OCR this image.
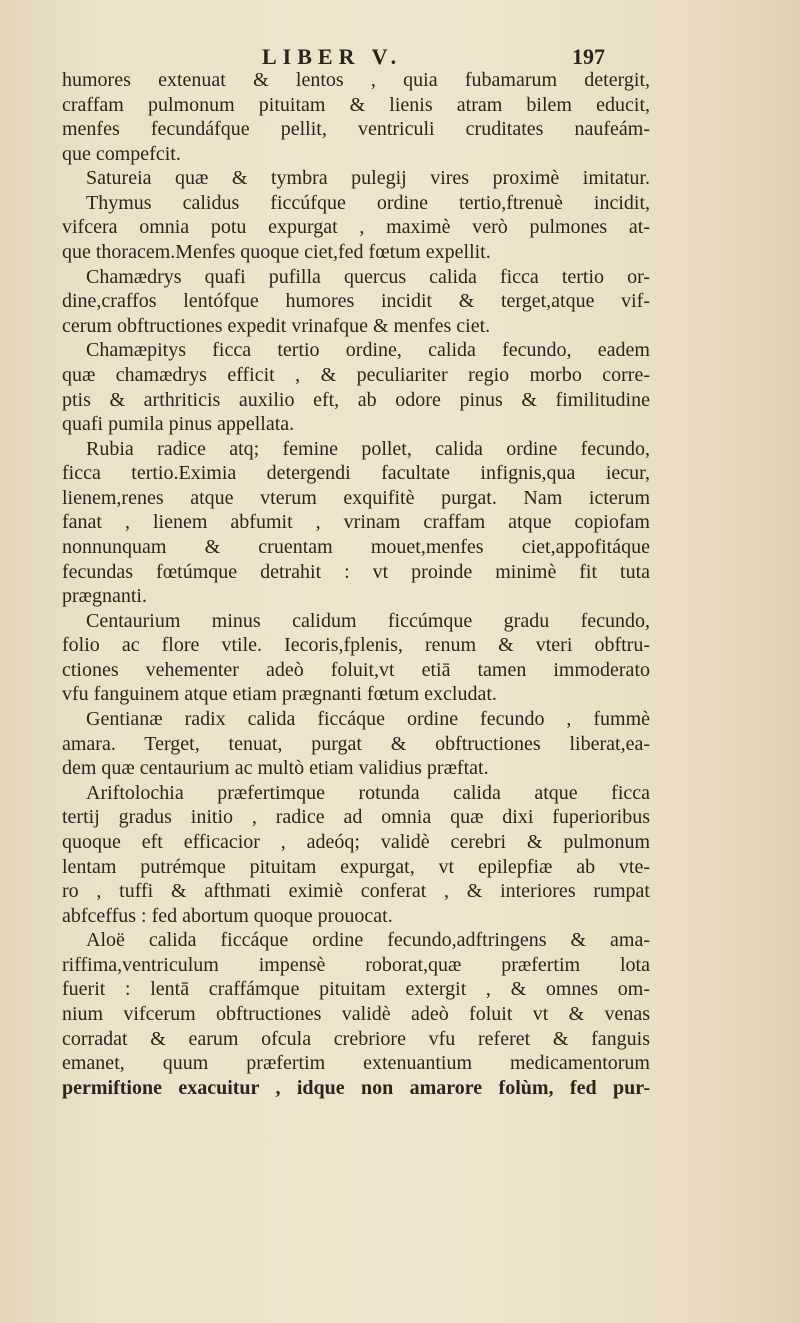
LIBER V.	197
humores extenuat & lentos , quia fubamarum detergit,
craffam pulmonum pituitam & lienis atram bilem educit,
menfes fecundáfque pellit, ventriculi cruditates naufeám-
que compefcit.
Satureia quæ & tymbra pulegij vires proximè imitatur.
Thymus calidus ficcúfque ordine tertio,ftrenuè incidit,
vifcera omnia potu expurgat , maximè verò pulmones at-
que thoracem.Menfes quoque ciet,fed fœtum expellit.
Chamædrys quafi pufilla quercus calida ficca tertio or-
dine,craffos lentófque humores incidit & terget,atque vif-
cerum obftructiones expedit vrinafque & menfes ciet.
Chamæpitys ficca tertio ordine, calida fecundo, eadem
quæ chamædrys efficit , & peculiariter regio morbo corre-
ptis & arthriticis auxilio eft, ab odore pinus & fimilitudine
quafi pumila pinus appellata.
Rubia radice atq; femine pollet, calida ordine fecundo,
ficca tertio.Eximia detergendi facultate infignis,qua iecur,
lienem,renes atque vterum exquifitè purgat. Nam icterum
fanat , lienem abfumit , vrinam craffam atque copiofam
nonnunquam & cruentam mouet,menfes ciet,appofitáque
fecundas fœtúmque detrahit : vt proinde minimè fit tuta
prægnanti.
Centaurium minus calidum ficcúmque gradu fecundo,
folio ac flore vtile. Iecoris,fplenis, renum & vteri obftru-
ctiones vehementer adeò foluit,vt etiā tamen immoderato
vfu fanguinem atque etiam prægnanti fœtum excludat.
Gentianæ radix calida ficcáque ordine fecundo , fummè
amara. Terget, tenuat, purgat & obftructiones liberat,ea-
dem quæ centaurium ac multò etiam validius præftat.
Ariftolochia præfertimque rotunda calida atque ficca
tertij gradus initio , radice ad omnia quæ dixi fuperioribus
quoque eft efficacior , adeóq; validè cerebri & pulmonum
lentam putrémque pituitam expurgat, vt epilepfiæ ab vte-
ro , tuffi & afthmati eximiè conferat , & interiores rumpat
abfceffus : fed abortum quoque prouocat.
Aloë calida ficcáque ordine fecundo,adftringens & ama-
riffima,ventriculum impensè roborat,quæ præfertim lota
fuerit : lentā craffámque pituitam extergit , & omnes om-
nium vifcerum obftructiones validè adeò foluit vt & venas
corradat & earum ofcula crebriore vfu referet & fanguis
emanet, quum præfertim extenuantium medicamentorum
permiftione exacuitur , idque non amarore folùm, fed pur-
